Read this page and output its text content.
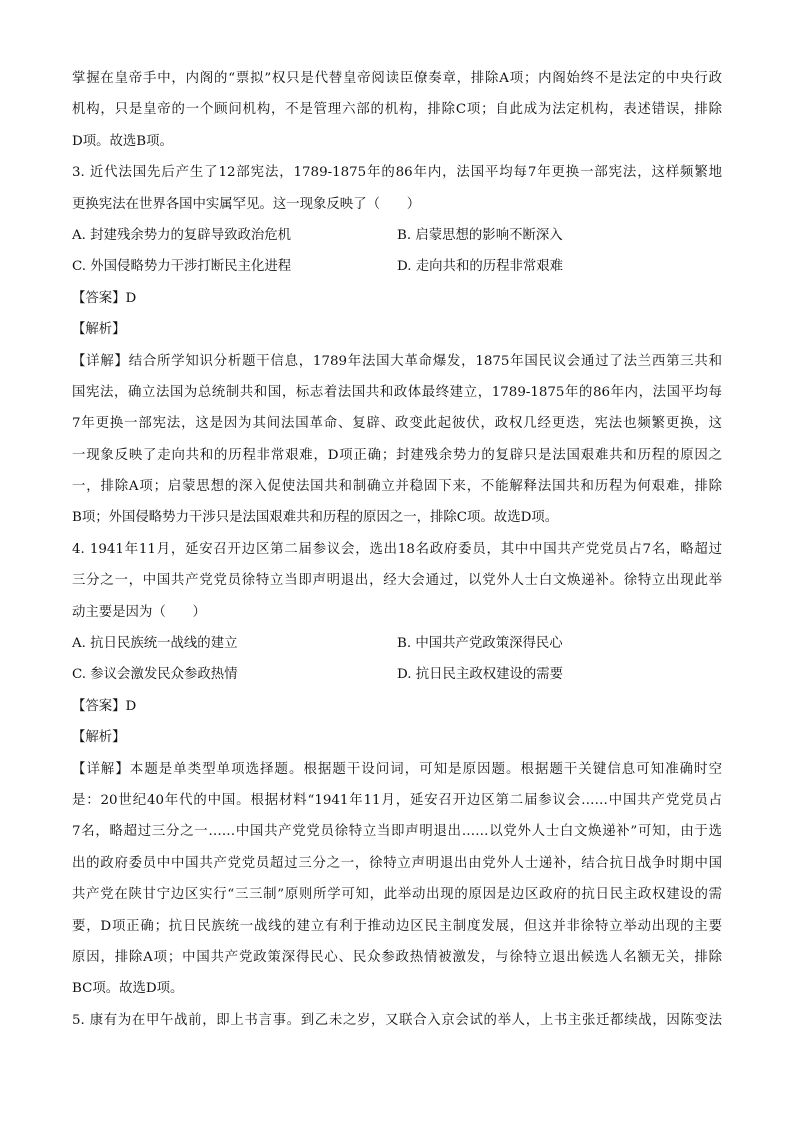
掌握在皇帝手中，内阁的“票拟”权只是代替皇帝阅读臣僚奏章，排除A项；内阁始终不是法定的中央行政
机构，只是皇帝的一个顾问机构，不是管理六部的机构，排除C项；自此成为法定机构，表述错误，排除
D项。故选B项。
3. 近代法国先后产生了12部宪法，1789-1875年的86年内，法国平均每7年更换一部宪法，这样频繁地
更换宪法在世界各国中实属罕见。这一现象反映了（　　）
A. 封建残余势力的复辟导致政治危机	B. 启蒙思想的影响不断深入
C. 外国侵略势力干涉打断民主化进程	D. 走向共和的历程非常艰难
【答案】D
【解析】
【详解】结合所学知识分析题干信息，1789年法国大革命爆发，1875年国民议会通过了法兰西第三共和
国宪法，确立法国为总统制共和国，标志着法国共和政体最终建立，1789-1875年的86年内，法国平均每
7年更换一部宪法，这是因为其间法国革命、复辟、政变此起彼伏，政权几经更迭，宪法也频繁更换，这
一现象反映了走向共和的历程非常艰难，D项正确；封建残余势力的复辟只是法国艰难共和历程的原因之
一，排除A项；启蒙思想的深入促使法国共和制确立并稳固下来，不能解释法国共和历程为何艰难，排除
B项；外国侵略势力干涉只是法国艰难共和历程的原因之一，排除C项。故选D项。
4. 1941年11月，延安召开边区第二届参议会，选出18名政府委员，其中中国共产党党员占7名，略超过
三分之一，中国共产党党员徐特立当即声明退出，经大会通过，以党外人士白文焕递补。徐特立出现此举
动主要是因为（　　）
A. 抗日民族统一战线的建立	B. 中国共产党政策深得民心
C. 参议会激发民众参政热情	D. 抗日民主政权建设的需要
【答案】D
【解析】
【详解】本题是单类型单项选择题。根据题干设问词，可知是原因题。根据题干关键信息可知准确时空
是：20世纪40年代的中国。根据材料“1941年11月，延安召开边区第二届参议会……中国共产党党员占
7名，略超过三分之一……中国共产党党员徐特立当即声明退出……以党外人士白文焕递补”可知，由于选
出的政府委员中中国共产党党员超过三分之一，徐特立声明退出由党外人士递补，结合抗日战争时期中国
共产党在陕甘宁边区实行“三三制”原则所学可知，此举动出现的原因是边区政府的抗日民主政权建设的需
要，D项正确；抗日民族统一战线的建立有利于推动边区民主制度发展，但这并非徐特立举动出现的主要
原因，排除A项；中国共产党政策深得民心、民众参政热情被激发，与徐特立退出候选人名额无关，排除
BC项。故选D项。
5. 康有为在甲午战前，即上书言事。到乙未之岁，又联合入京会试的举人，上书主张迁都续战，因陈变法
